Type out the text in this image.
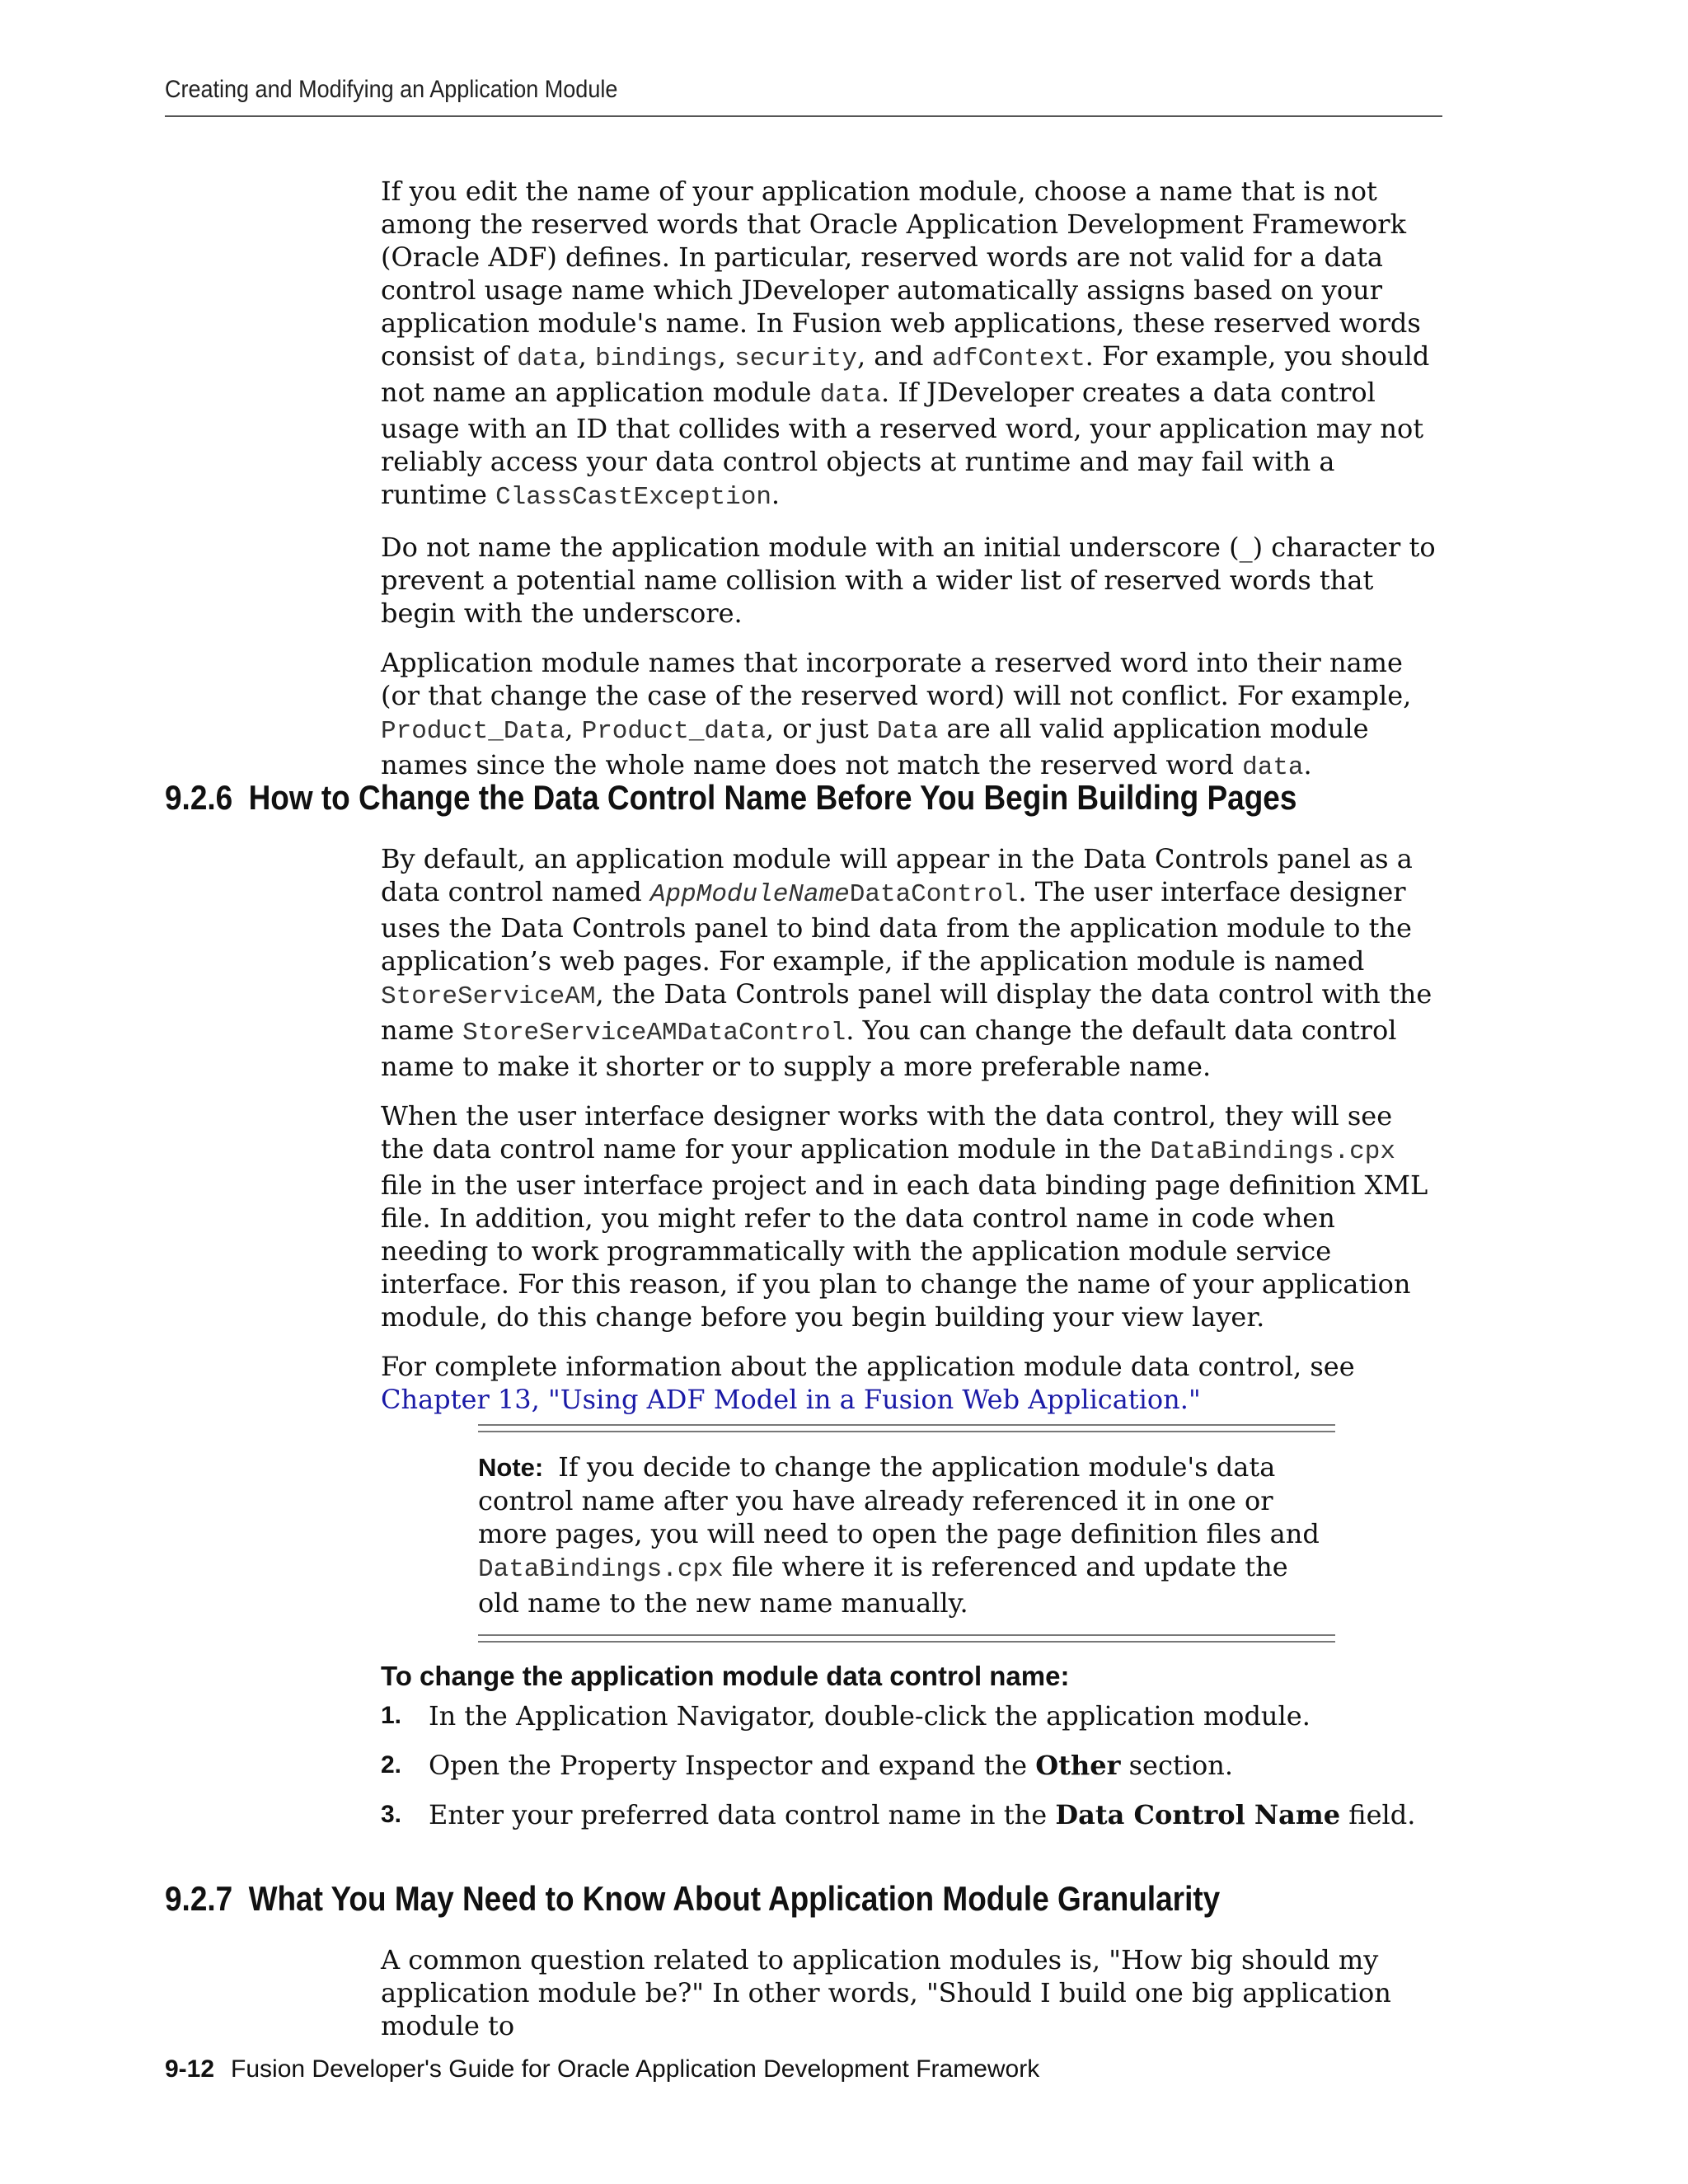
Creating and Modifying an Application Module

If you edit the name of your application module, choose a name that is not among the reserved words that Oracle Application Development Framework (Oracle ADF) defines. In particular, reserved words are not valid for a data control usage name which JDeveloper automatically assigns based on your application module's name. In Fusion web applications, these reserved words consist of data, bindings, security, and adfContext. For example, you should not name an application module data. If JDeveloper creates a data control usage with an ID that collides with a reserved word, your application may not reliably access your data control objects at runtime and may fail with a runtime ClassCastException.

Do not name the application module with an initial underscore (_) character to prevent a potential name collision with a wider list of reserved words that begin with the underscore.

Application module names that incorporate a reserved word into their name (or that change the case of the reserved word) will not conflict. For example, Product_Data, Product_data, or just Data are all valid application module names since the whole name does not match the reserved word data.

9.2.6 How to Change the Data Control Name Before You Begin Building Pages

By default, an application module will appear in the Data Controls panel as a data control named AppModuleNameDataControl. The user interface designer uses the Data Controls panel to bind data from the application module to the application’s web pages. For example, if the application module is named StoreServiceAM, the Data Controls panel will display the data control with the name StoreServiceAMDataControl. You can change the default data control name to make it shorter or to supply a more preferable name.

When the user interface designer works with the data control, they will see the data control name for your application module in the DataBindings.cpx file in the user interface project and in each data binding page definition XML file. In addition, you might refer to the data control name in code when needing to work programmatically with the application module service interface. For this reason, if you plan to change the name of your application module, do this change before you begin building your view layer.

For complete information about the application module data control, see Chapter 13, "Using ADF Model in a Fusion Web Application."

Note: If you decide to change the application module's data control name after you have already referenced it in one or more pages, you will need to open the page definition files and DataBindings.cpx file where it is referenced and update the old name to the new name manually.
To change the application module data control name:
1. In the Application Navigator, double-click the application module.
2. Open the Property Inspector and expand the Other section.
3. Enter your preferred data control name in the Data Control Name field.
9.2.7 What You May Need to Know About Application Module Granularity

A common question related to application modules is, "How big should my application module be?" In other words, "Should I build one big application module to

9-12 Fusion Developer's Guide for Oracle Application Development Framework
